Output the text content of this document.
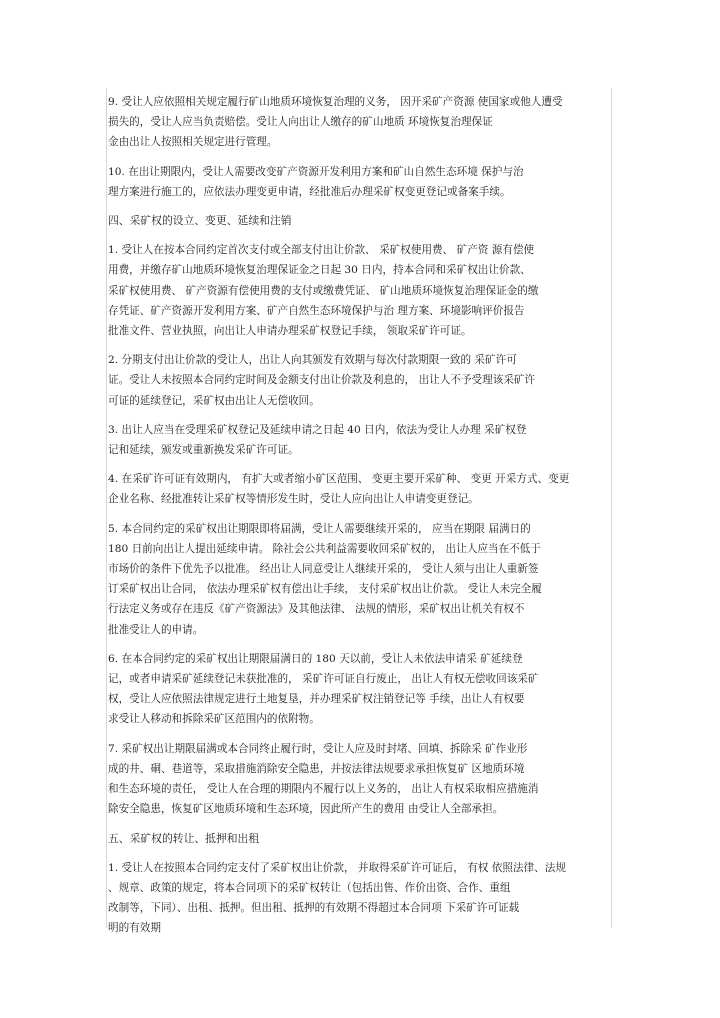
9. 受让人应依照相关规定履行矿山地质环境恢复治理的义务， 因开采矿产资源 使国家或他人遭受
损失的，受让人应当负责赔偿。受让人向出让人缴存的矿山地质 环境恢复治理保证
金由出让人按照相关规定进行管理。

10. 在出让期限内，受让人需要改变矿产资源开发利用方案和矿山自然生态环境 保护与治
理方案进行施工的，应依法办理变更申请，经批准后办理采矿权变更登记或备案手续。

四、采矿权的设立、变更、延续和注销

1. 受让人在按本合同约定首次支付或全部支付出让价款、 采矿权使用费、 矿产资 源有偿使
用费，并缴存矿山地质环境恢复治理保证金之日起 30 日内，持本合同和采矿权出让价款、
采矿权使用费、 矿产资源有偿使用费的支付或缴费凭证、 矿山地质环境恢复治理保证金的缴
存凭证、矿产资源开发利用方案、矿产自然生态环境保护与治 理方案、环境影响评价报告
批准文件、营业执照，向出让人申请办理采矿权登记手续， 领取采矿许可证。

2. 分期支付出让价款的受让人，出让人向其颁发有效期与每次付款期限一致的 采矿许可
证。受让人未按照本合同约定时间及金额支付出让价款及利息的， 出让人不予受理该采矿许
可证的延续登记，采矿权由出让人无偿收回。

3. 出让人应当在受理采矿权登记及延续申请之日起 40 日内，依法为受让人办理 采矿权登
记和延续，颁发或重新换发采矿许可证。

4. 在采矿许可证有效期内， 有扩大或者缩小矿区范围、 变更主要开采矿种、 变更 开采方式、变更
企业名称、经批准转让采矿权等情形发生时，受让人应向出让人申请变更登记。

5. 本合同约定的采矿权出让期限即将届满，受让人需要继续开采的， 应当在期限 届满日的
180 日前向出让人提出延续申请。 除社会公共利益需要收回采矿权的， 出让人应当在不低于
市场价的条件下优先予以批准。 经出让人同意受让人继续开采的， 受让人须与出让人重新签
订采矿权出让合同， 依法办理采矿权有偿出让手续， 支付采矿权出让价款。 受让人未完全履
行法定义务或存在违反《矿产资源法》及其他法律、 法规的情形，采矿权出让机关有权不
批准受让人的申请。

6. 在本合同约定的采矿权出让期限届满日的 180 天以前，受让人未依法申请采 矿延续登
记，或者申请采矿延续登记未获批准的， 采矿许可证自行废止， 出让人有权无偿收回该采矿
权，受让人应依照法律规定进行土地复垦，并办理采矿权注销登记等 手续，出让人有权要
求受让人移动和拆除采矿区范围内的依附物。

7. 采矿权出让期限届满或本合同终止履行时，受让人应及时封堵、回填、拆除采 矿作业形
成的井、硐、巷道等，采取措施消除安全隐患，并按法律法规要求承担恢复矿 区地质环境
和生态环境的责任， 受让人在合理的期限内不履行以上义务的， 出让人有权采取相应措施消
除安全隐患，恢复矿区地质环境和生态环境，因此所产生的费用 由受让人全部承担。

五、采矿权的转让、抵押和出租

1. 受让人在按照本合同约定支付了采矿权出让价款， 并取得采矿许可证后， 有权 依照法律、法规
、规章、政策的规定，将本合同项下的采矿权转让（包括出售、作价出资、合作、重组
改制等，下同）、出租、抵押。但出租、抵押的有效期不得超过本合同项 下采矿许可证载
明的有效期
